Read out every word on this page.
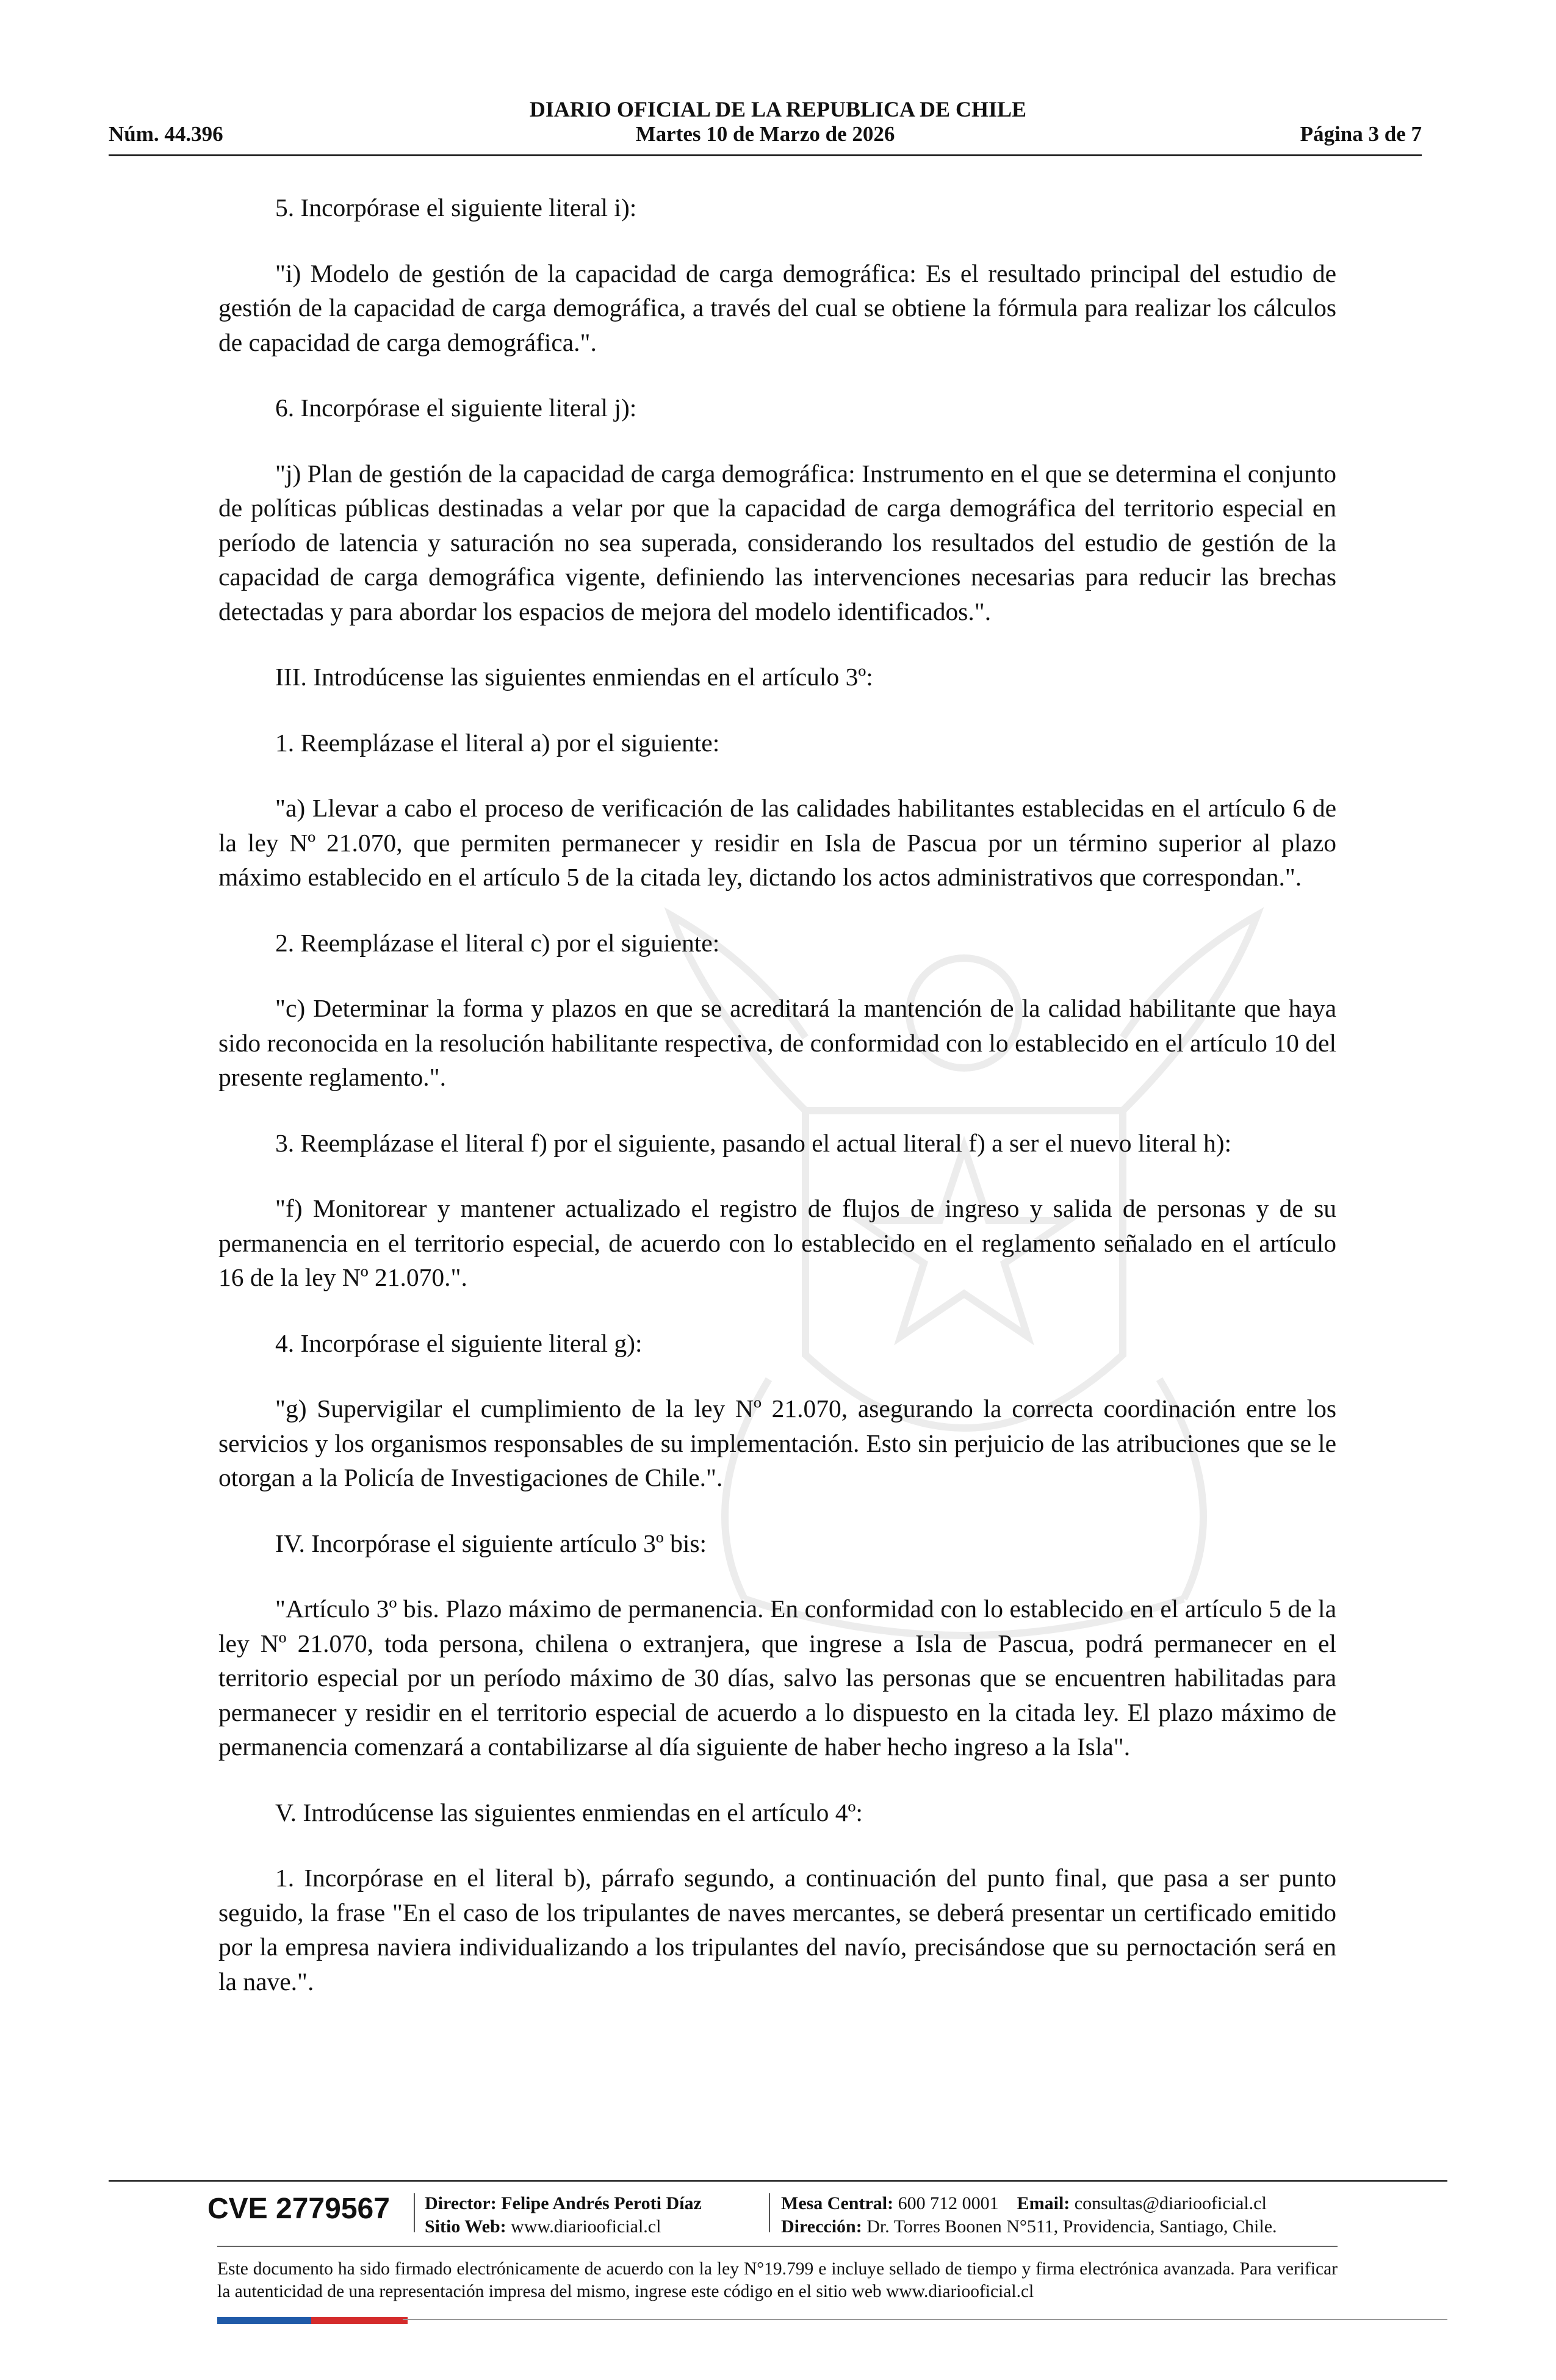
DIARIO OFICIAL DE LA REPUBLICA DE CHILE
Núm. 44.396	Martes 10 de Marzo de 2026	Página 3 de 7

5. Incorpórase el siguiente literal i):

"i) Modelo de gestión de la capacidad de carga demográfica: Es el resultado principal del estudio de gestión de la capacidad de carga demográfica, a través del cual se obtiene la fórmula para realizar los cálculos de capacidad de carga demográfica.".

6. Incorpórase el siguiente literal j):

"j) Plan de gestión de la capacidad de carga demográfica: Instrumento en el que se determina el conjunto de políticas públicas destinadas a velar por que la capacidad de carga demográfica del territorio especial en período de latencia y saturación no sea superada, considerando los resultados del estudio de gestión de la capacidad de carga demográfica vigente, definiendo las intervenciones necesarias para reducir las brechas detectadas y para abordar los espacios de mejora del modelo identificados.".

III. Introdúcense las siguientes enmiendas en el artículo 3º:

1. Reemplázase el literal a) por el siguiente:

"a) Llevar a cabo el proceso de verificación de las calidades habilitantes establecidas en el artículo 6 de la ley Nº 21.070, que permiten permanecer y residir en Isla de Pascua por un término superior al plazo máximo establecido en el artículo 5 de la citada ley, dictando los actos administrativos que correspondan.".

2. Reemplázase el literal c) por el siguiente:

"c) Determinar la forma y plazos en que se acreditará la mantención de la calidad habilitante que haya sido reconocida en la resolución habilitante respectiva, de conformidad con lo establecido en el artículo 10 del presente reglamento.".

3. Reemplázase el literal f) por el siguiente, pasando el actual literal f) a ser el nuevo literal h):

"f) Monitorear y mantener actualizado el registro de flujos de ingreso y salida de personas y de su permanencia en el territorio especial, de acuerdo con lo establecido en el reglamento señalado en el artículo 16 de la ley Nº 21.070.".

4. Incorpórase el siguiente literal g):

"g) Supervigilar el cumplimiento de la ley Nº 21.070, asegurando la correcta coordinación entre los servicios y los organismos responsables de su implementación. Esto sin perjuicio de las atribuciones que se le otorgan a la Policía de Investigaciones de Chile.".

IV. Incorpórase el siguiente artículo 3º bis:

"Artículo 3º bis. Plazo máximo de permanencia. En conformidad con lo establecido en el artículo 5 de la ley Nº 21.070, toda persona, chilena o extranjera, que ingrese a Isla de Pascua, podrá permanecer en el territorio especial por un período máximo de 30 días, salvo las personas que se encuentren habilitadas para permanecer y residir en el territorio especial de acuerdo a lo dispuesto en la citada ley. El plazo máximo de permanencia comenzará a contabilizarse al día siguiente de haber hecho ingreso a la Isla".

V. Introdúcense las siguientes enmiendas en el artículo 4º:

1. Incorpórase en el literal b), párrafo segundo, a continuación del punto final, que pasa a ser punto seguido, la frase "En el caso de los tripulantes de naves mercantes, se deberá presentar un certificado emitido por la empresa naviera individualizando a los tripulantes del navío, precisándose que su pernoctación será en la nave.".

CVE 2779567 Director: Felipe Andrés Peroti Díaz
Sitio Web: www.diariooficial.cl
Mesa Central: 600 712 0001 Email: consultas@diariooficial.cl
Dirección: Dr. Torres Boonen N°511, Providencia, Santiago, Chile.
Este documento ha sido firmado electrónicamente de acuerdo con la ley N°19.799 e incluye sellado de tiempo y firma electrónica avanzada. Para verificar la autenticidad de una representación impresa del mismo, ingrese este código en el sitio web www.diariooficial.cl
